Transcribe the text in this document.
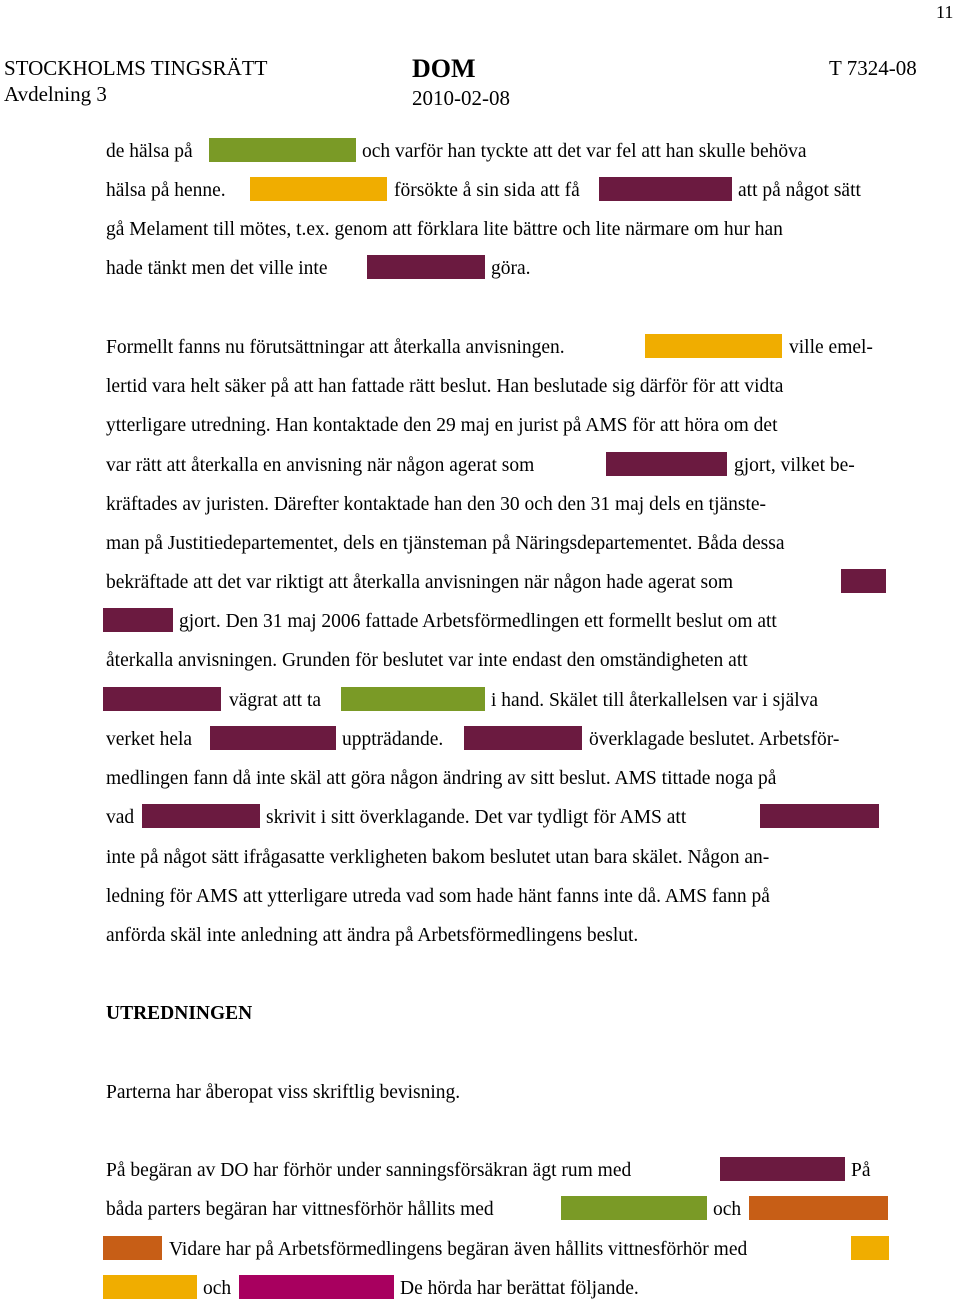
11
STOCKHOLMS TINGSRÄTT
Avdelning 3
DOM
2010-02-08
T 7324-08
de hälsa på	och varför han tyckte att det var fel att han skulle behöva
hälsa på henne.	försökte å sin sida att få	att på något sätt
gå Melament till mötes, t.ex. genom att förklara lite bättre och lite närmare om hur han
hade tänkt men det ville inte	göra.
Formellt fanns nu förutsättningar att återkalla anvisningen.	ville emel-
lertid vara helt säker på att han fattade rätt beslut. Han beslutade sig därför för att vidta
ytterligare utredning. Han kontaktade den 29 maj en jurist på AMS för att höra om det
var rätt att återkalla en anvisning när någon agerat som	gjort, vilket be-
kräftades av juristen. Därefter kontaktade han den 30 och den 31 maj dels en tjänste-
man på Justitiedepartementet, dels en tjänsteman på Näringsdepartementet. Båda dessa
bekräftade att det var riktigt att återkalla anvisningen när någon hade agerat som
gjort. Den 31 maj 2006 fattade Arbetsförmedlingen ett formellt beslut om att
återkalla anvisningen. Grunden för beslutet var inte endast den omständigheten att
vägrat att ta	i hand. Skälet till återkallelsen var i själva
verket hela	uppträdande.	överklagade beslutet. Arbetsför-
medlingen fann då inte skäl att göra någon ändring av sitt beslut. AMS tittade noga på
vad	skrivit i sitt överklagande. Det var tydligt för AMS att
inte på något sätt ifrågasatte verkligheten bakom beslutet utan bara skälet. Någon an-
ledning för AMS att ytterligare utreda vad som hade hänt fanns inte då. AMS fann på
anförda skäl inte anledning att ändra på Arbetsförmedlingens beslut.
UTREDNINGEN
Parterna har åberopat viss skriftlig bevisning.
På begäran av DO har förhör under sanningsförsäkran ägt rum med	På
båda parters begäran har vittnesförhör hållits med	och
Vidare har på Arbetsförmedlingens begäran även hållits vittnesförhör med
och	De hörda har berättat följande.
